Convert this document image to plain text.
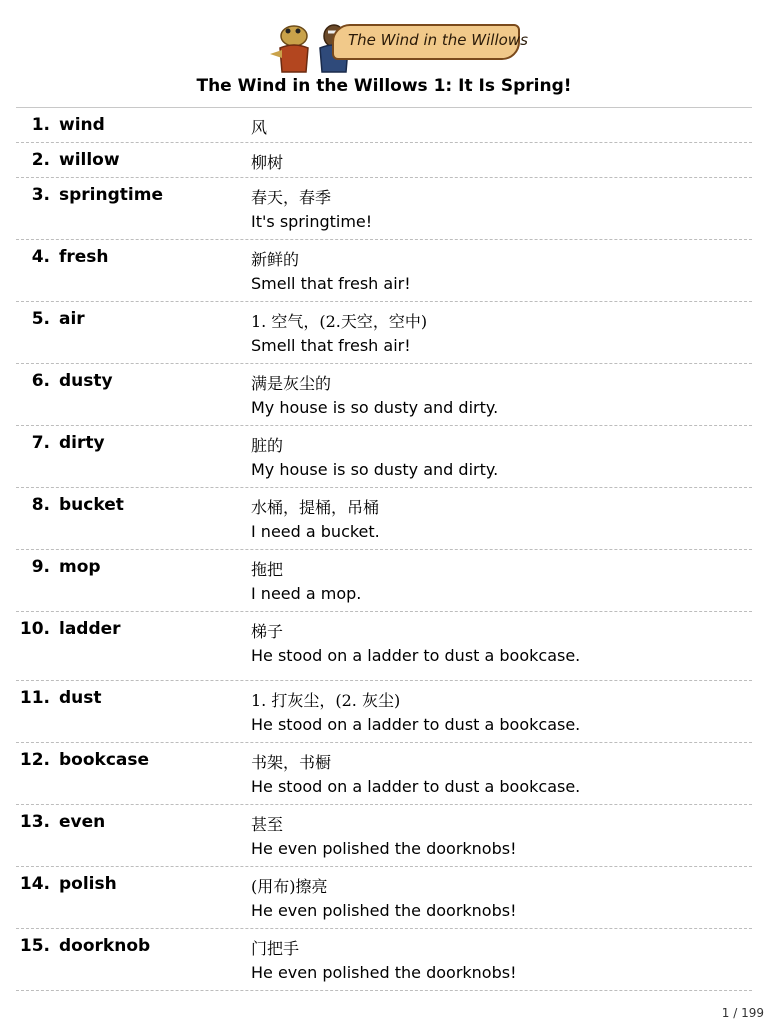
The Wind in the Willows
The Wind in the Willows 1: It Is Spring!
1. wind	风
2. willow	柳树
3. springtime	春天，春季
It's springtime!
4. fresh	新鲜的
Smell that fresh air!
5. air	1. 空气，(2.天空，空中)
Smell that fresh air!
6. dusty	满是灰尘的
My house is so dusty and dirty.
7. dirty	脏的
My house is so dusty and dirty.
8. bucket	水桶，提桶，吊桶
I need a bucket.
9. mop	拖把
I need a mop.
10. ladder	梯子
He stood on a ladder to dust a bookcase.
11. dust	1. 打灰尘，(2. 灰尘)
He stood on a ladder to dust a bookcase.
12. bookcase	书架，书橱
He stood on a ladder to dust a bookcase.
13. even	甚至
He even polished the doorknobs!
14. polish	(用布)擦亮
He even polished the doorknobs!
15. doorknob	门把手
He even polished the doorknobs!
1 / 199
